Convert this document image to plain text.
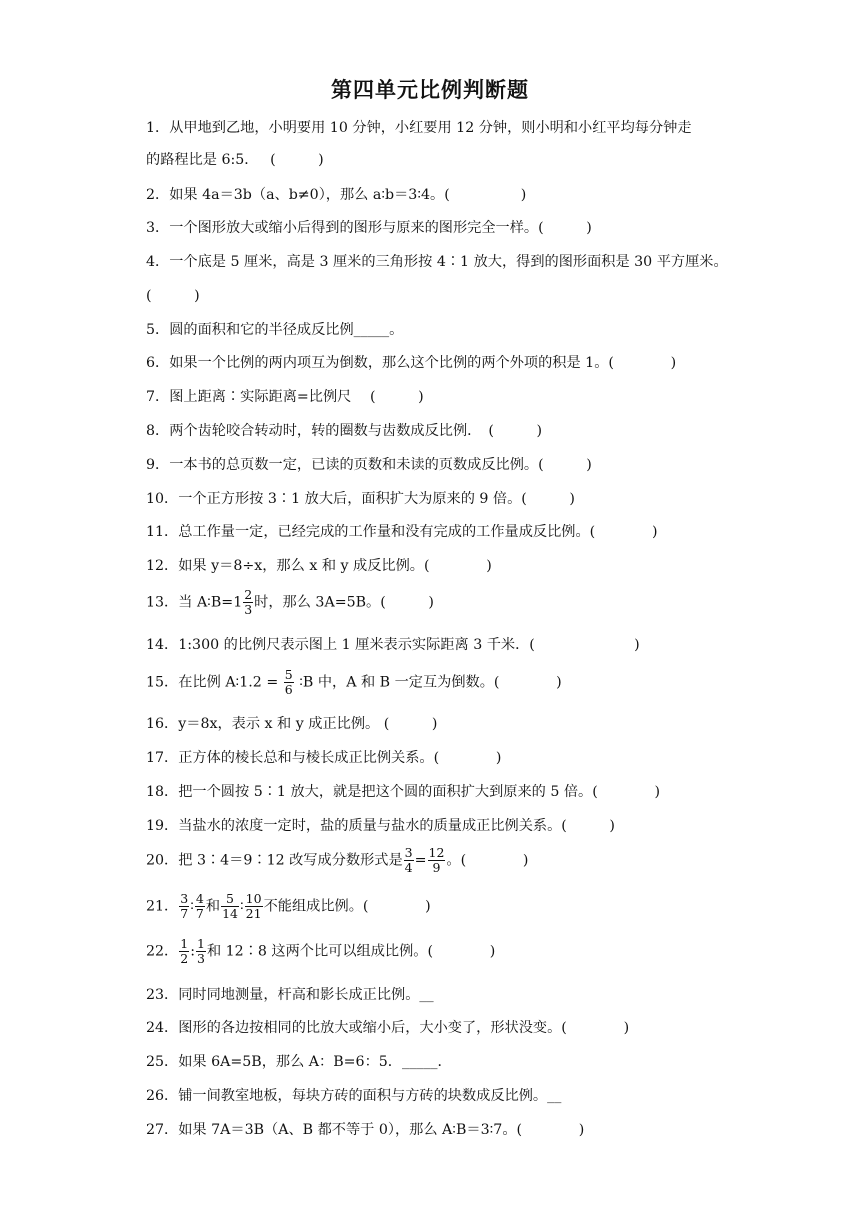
第四单元比例判断题
1．从甲地到乙地，小明要用 10 分钟，小红要用 12 分钟，则小明和小红平均每分钟走
的路程比是 6:5．　 (　　　)
2．如果 4a＝3b（a、b≠0），那么 a∶b＝3∶4。(　　　　　)
3．一个图形放大或缩小后得到的图形与原来的图形完全一样。(　　　)
4．一个底是 5 厘米，高是 3 厘米的三角形按 4∶1 放大，得到的图形面积是 30 平方厘米。
(　　　)
5．圆的面积和它的半径成反比例_____。
6．如果一个比例的两内项互为倒数，那么这个比例的两个外项的积是 1。(　　　　)
7．图上距离∶实际距离=比例尺　 (　　　)
8．两个齿轮咬合转动时，转的圈数与齿数成反比例．　(　　　)
9．一本书的总页数一定，已读的页数和未读的页数成反比例。(　　　)
10．一个正方形按 3∶1 放大后，面积扩大为原来的 9 倍。(　　　)
11．总工作量一定，已经完成的工作量和没有完成的工作量成反比例。(　　　　)
12．如果 y＝8÷x，那么 x 和 y 成反比例。(　　　　)
13．当 A∶B=1 $\frac{2}{3}$ 时，那么 3A=5B。(　　　)
14．1:300 的比例尺表示图上 1 厘米表示实际距离 3 千米．(　　　　　　　)
15．在比例 A∶1.2 = $\frac{5}{6}$ ∶B 中，A 和 B 一定互为倒数。(　　　　)
16．y＝8x，表示 x 和 y 成正比例。 (　　　)
17．正方体的棱长总和与棱长成正比例关系。(　　　　)
18．把一个圆按 5∶1 放大，就是把这个圆的面积扩大到原来的 5 倍。(　　　　)
19．当盐水的浓度一定时，盐的质量与盐水的质量成正比例关系。(　　　)
20．把 3∶4＝9∶12 改写成分数形式是 $\frac{3}{4} = \frac{12}{9}$ 。(　　　　)
21． $\frac{3}{7}$ ∶ $\frac{4}{7}$ 和 $\frac{5}{14}$ ∶ $\frac{10}{21}$ 不能组成比例。(　　　　)
22． $\frac{1}{2}$ : $\frac{1}{3}$ 和 12∶8 这两个比可以组成比例。(　　　　)
23．同时同地测量，杆高和影长成正比例。__
24．图形的各边按相同的比放大或缩小后，大小变了，形状没变。(　　　　)
25．如果 6A=5B，那么 A：B=6：5．_____．
26．铺一间教室地板，每块方砖的面积与方砖的块数成反比例。__
27．如果 7A＝3B（A、B 都不等于 0），那么 A∶B＝3∶7。(　　　　)
